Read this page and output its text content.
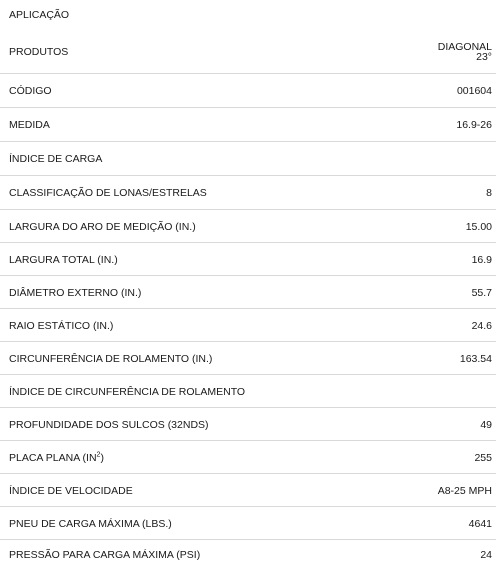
APLICAÇÃO
PRODUTOS	DIAGONAL
23°
CÓDIGO	001604
MEDIDA	16.9-26
ÍNDICE DE CARGA
CLASSIFICAÇÃO DE LONAS/ESTRELAS	8
LARGURA DO ARO DE MEDIÇÃO (IN.)	15.00
LARGURA TOTAL (IN.)	16.9
DIÂMETRO EXTERNO (IN.)	55.7
RAIO ESTÁTICO (IN.)	24.6
CIRCUNFERÊNCIA DE ROLAMENTO (IN.)	163.54
ÍNDICE DE CIRCUNFERÊNCIA DE ROLAMENTO
PROFUNDIDADE DOS SULCOS (32NDS)	49
PLACA PLANA $(IN^2)$	255
ÍNDICE DE VELOCIDADE	A8-25 MPH
PNEU DE CARGA MÁXIMA (LBS.)	4641
PRESSÃO PARA CARGA MÁXIMA (PSI)	24
